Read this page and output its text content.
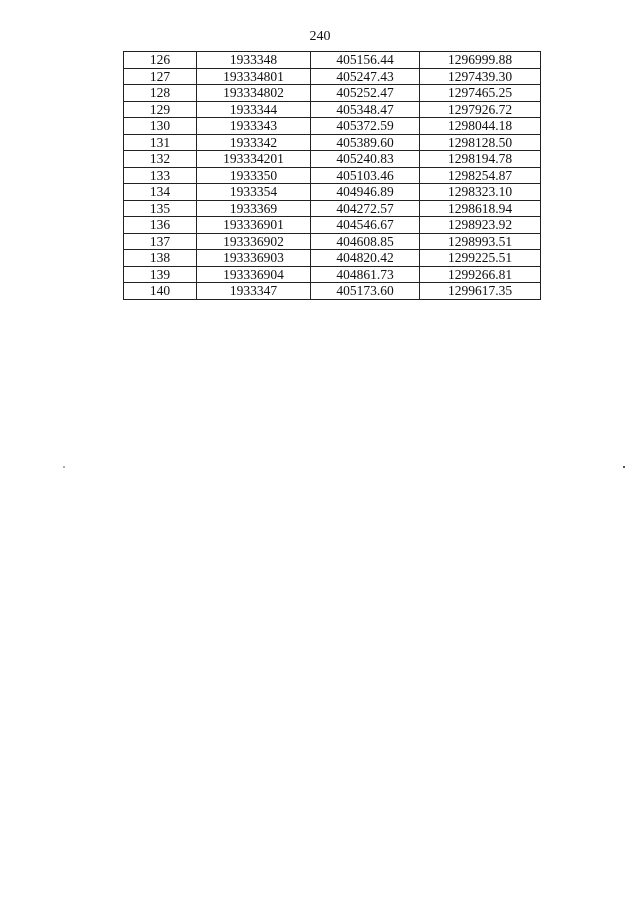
240
126	1933348	405156.44	1296999.88
127	193334801	405247.43	1297439.30
128	193334802	405252.47	1297465.25
129	1933344	405348.47	1297926.72
130	1933343	405372.59	1298044.18
131	1933342	405389.60	1298128.50
132	193334201	405240.83	1298194.78
133	1933350	405103.46	1298254.87
134	1933354	404946.89	1298323.10
135	1933369	404272.57	1298618.94
136	193336901	404546.67	1298923.92
137	193336902	404608.85	1298993.51
138	193336903	404820.42	1299225.51
139	193336904	404861.73	1299266.81
140	1933347	405173.60	1299617.35
